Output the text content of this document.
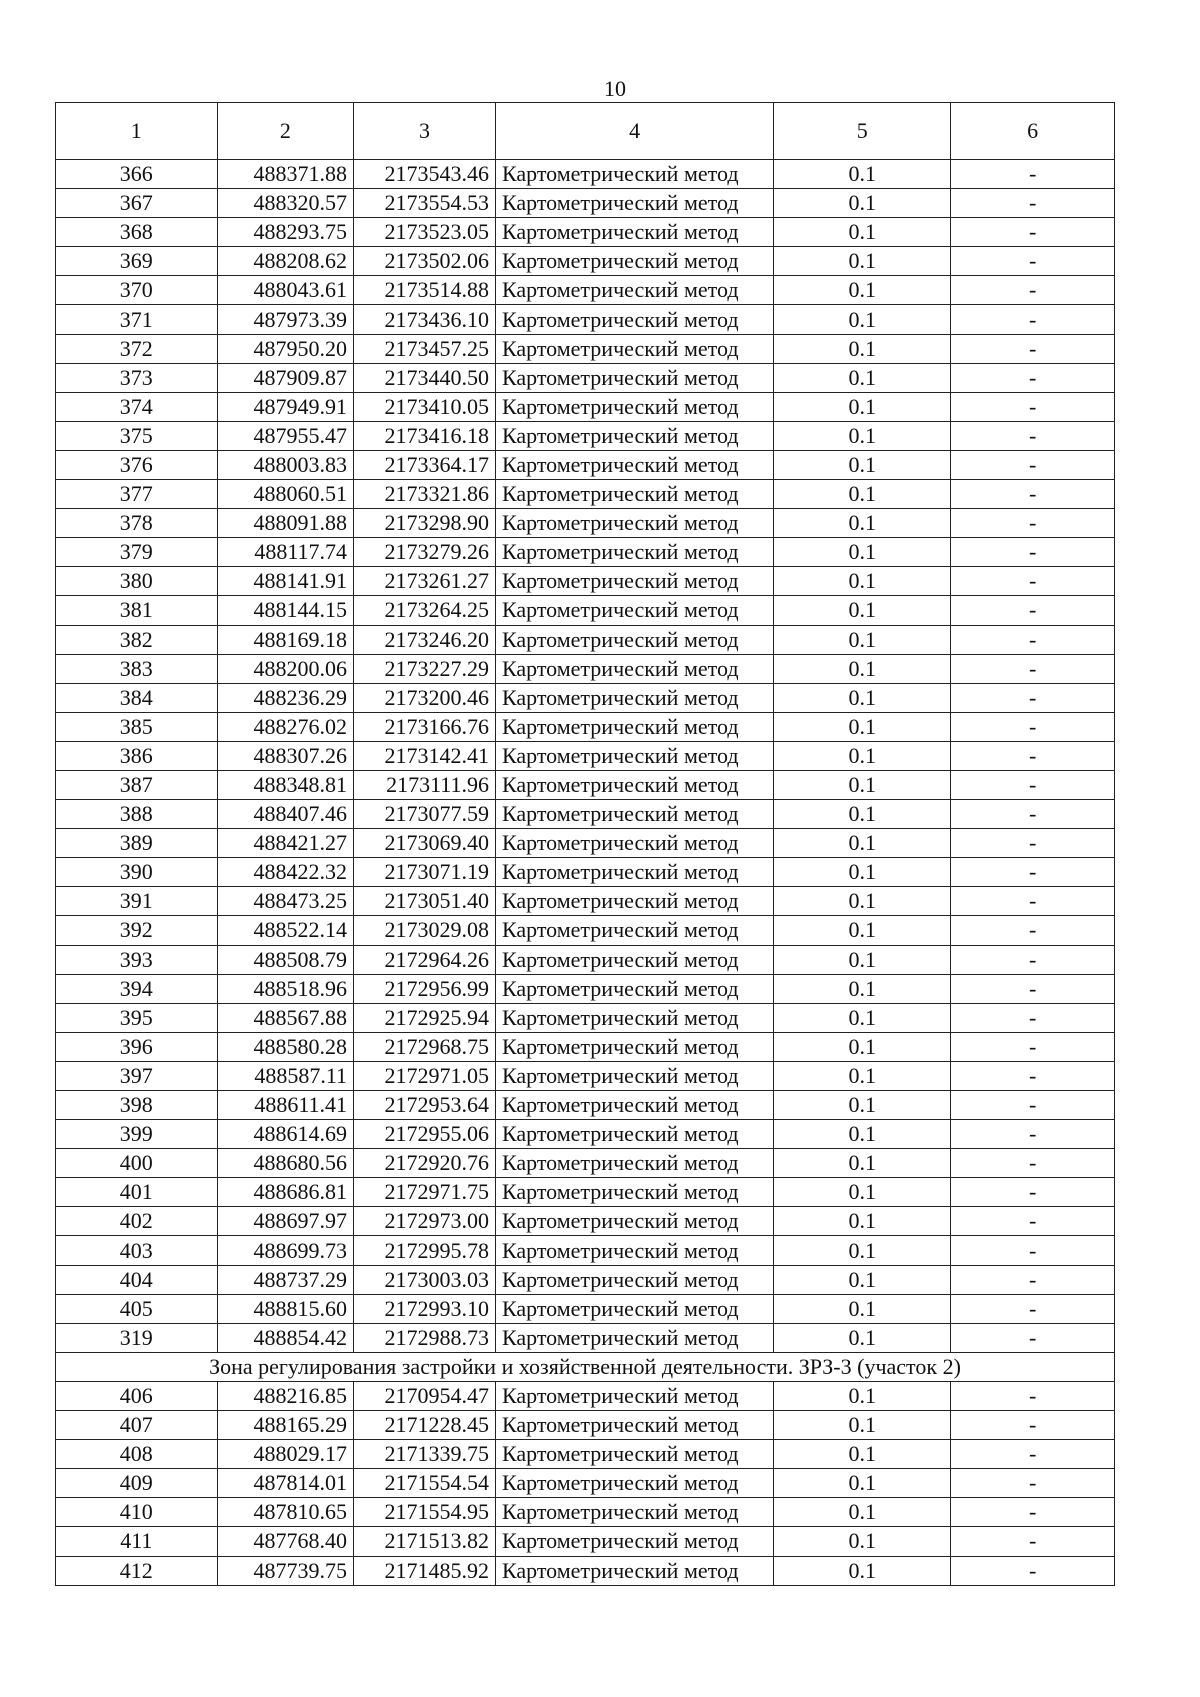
10
1	2	3	4	5	6
366	488371.88	2173543.46	Картометрический метод	0.1	-
367	488320.57	2173554.53	Картометрический метод	0.1	-
368	488293.75	2173523.05	Картометрический метод	0.1	-
369	488208.62	2173502.06	Картометрический метод	0.1	-
370	488043.61	2173514.88	Картометрический метод	0.1	-
371	487973.39	2173436.10	Картометрический метод	0.1	-
372	487950.20	2173457.25	Картометрический метод	0.1	-
373	487909.87	2173440.50	Картометрический метод	0.1	-
374	487949.91	2173410.05	Картометрический метод	0.1	-
375	487955.47	2173416.18	Картометрический метод	0.1	-
376	488003.83	2173364.17	Картометрический метод	0.1	-
377	488060.51	2173321.86	Картометрический метод	0.1	-
378	488091.88	2173298.90	Картометрический метод	0.1	-
379	488117.74	2173279.26	Картометрический метод	0.1	-
380	488141.91	2173261.27	Картометрический метод	0.1	-
381	488144.15	2173264.25	Картометрический метод	0.1	-
382	488169.18	2173246.20	Картометрический метод	0.1	-
383	488200.06	2173227.29	Картометрический метод	0.1	-
384	488236.29	2173200.46	Картометрический метод	0.1	-
385	488276.02	2173166.76	Картометрический метод	0.1	-
386	488307.26	2173142.41	Картометрический метод	0.1	-
387	488348.81	2173111.96	Картометрический метод	0.1	-
388	488407.46	2173077.59	Картометрический метод	0.1	-
389	488421.27	2173069.40	Картометрический метод	0.1	-
390	488422.32	2173071.19	Картометрический метод	0.1	-
391	488473.25	2173051.40	Картометрический метод	0.1	-
392	488522.14	2173029.08	Картометрический метод	0.1	-
393	488508.79	2172964.26	Картометрический метод	0.1	-
394	488518.96	2172956.99	Картометрический метод	0.1	-
395	488567.88	2172925.94	Картометрический метод	0.1	-
396	488580.28	2172968.75	Картометрический метод	0.1	-
397	488587.11	2172971.05	Картометрический метод	0.1	-
398	488611.41	2172953.64	Картометрический метод	0.1	-
399	488614.69	2172955.06	Картометрический метод	0.1	-
400	488680.56	2172920.76	Картометрический метод	0.1	-
401	488686.81	2172971.75	Картометрический метод	0.1	-
402	488697.97	2172973.00	Картометрический метод	0.1	-
403	488699.73	2172995.78	Картометрический метод	0.1	-
404	488737.29	2173003.03	Картометрический метод	0.1	-
405	488815.60	2172993.10	Картометрический метод	0.1	-
319	488854.42	2172988.73	Картометрический метод	0.1	-
Зона регулирования застройки и хозяйственной деятельности. ЗРЗ-3 (участок 2)					
406	488216.85	2170954.47	Картометрический метод	0.1	-
407	488165.29	2171228.45	Картометрический метод	0.1	-
408	488029.17	2171339.75	Картометрический метод	0.1	-
409	487814.01	2171554.54	Картометрический метод	0.1	-
410	487810.65	2171554.95	Картометрический метод	0.1	-
411	487768.40	2171513.82	Картометрический метод	0.1	-
412	487739.75	2171485.92	Картометрический метод	0.1	-
